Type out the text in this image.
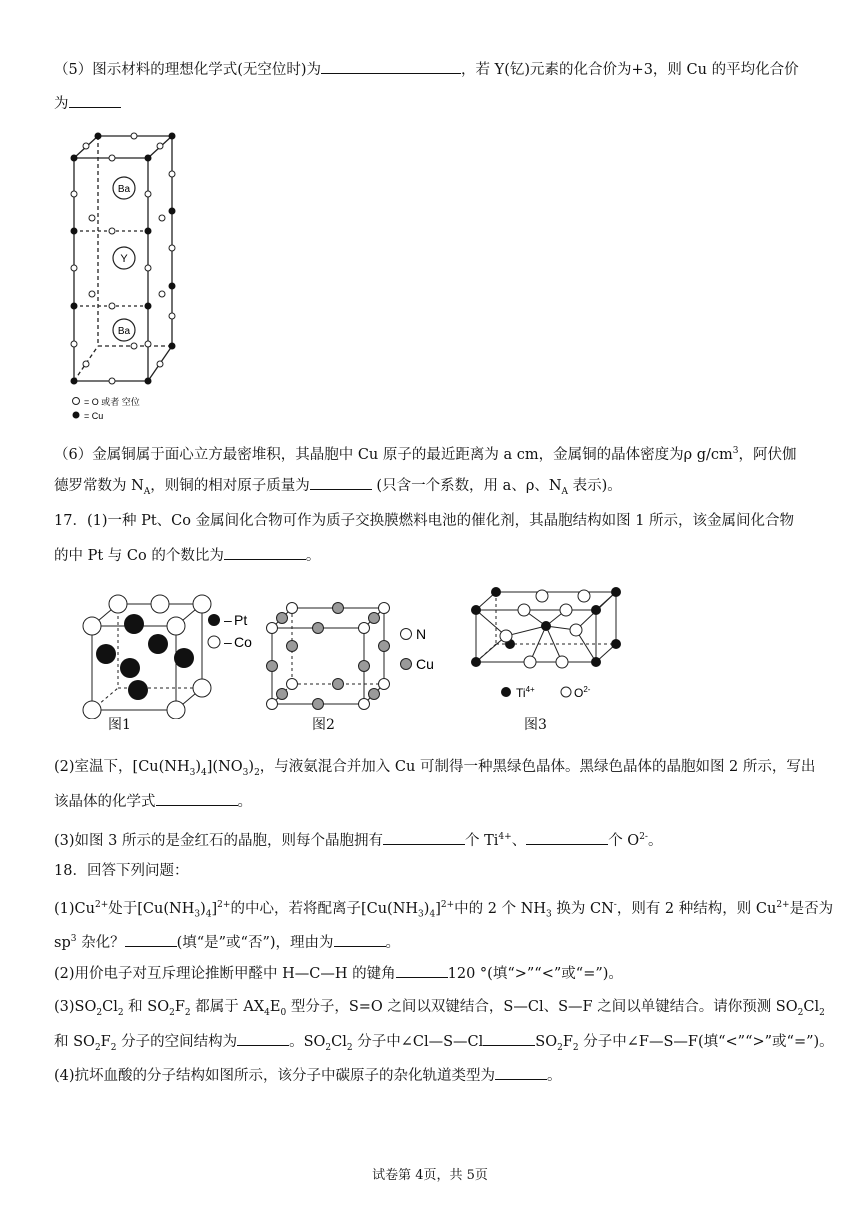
（5）图示材料的理想化学式(无空位时)为	，若 Y(钇)元素的化合价为+3，则 Cu 的平均化合价
为
Ba
Y
Ba
= O 或者 空位
= Cu
（6）金属铜属于面心立方最密堆积，其晶胞中 Cu 原子的最近距离为 a cm，金属铜的晶体密度为ρ $g/cm^3$，阿伏伽
德罗常数为 $N_A$，则铜的相对原子质量为	(只含一个系数，用 a、ρ、$N_A$ 表示)。
17．(1)一种 Pt、Co 金属间化合物可作为质子交换膜燃料电池的催化剂，其晶胞结构如图 1 所示，该金属间化合物
的中 Pt 与 Co 的个数比为	。
– Pt
– Co
图1
N
Cu
图2
$Ti^{4+}$	$O^{2-}$
图3
(2)室温下，$[Cu(NH_3)_4](NO_3)_2$，与液氨混合并加入 Cu 可制得一种黑绿色晶体。黑绿色晶体的晶胞如图 2 所示，写出
该晶体的化学式	。
(3)如图 3 所示的是金红石的晶胞，则每个晶胞拥有	个 $Ti^{4+}$、	个 $O^{2-}$。
18．回答下列问题：
$(1)Cu^{2+}$处于$[Cu(NH_3)_4]^{2+}$的中心，若将配离子$[Cu(NH_3)_4]^{2+}$中的 2 个 $NH_3$ 换为 CN-，则有 2 种结构，则 $Cu^{2+}$是否为
$sp^3$ 杂化？	(填“是”或“否”)，理由为	。
(2)用价电子对互斥理论推断甲醛中 H—C—H 的键角	120 °(填“>”“<”或“=”)。
$(3)SO_2Cl_2$ 和 $SO_2F_2$ 都属于 $AX_4E_0$ 型分子，S=O 之间以双键结合，S—Cl、S—F 之间以单键结合。请你预测 $SO_2Cl_2$
和 $SO_2F_2$ 分子的空间结构为	。$SO_2Cl_2$ 分子中∠Cl—S—Cl	$SO_2F_2$ 分子中∠F—S—F(填“<”“>”或“=”)。
(4)抗坏血酸的分子结构如图所示，该分子中碳原子的杂化轨道类型为	。
试卷第 4页，共 5页
